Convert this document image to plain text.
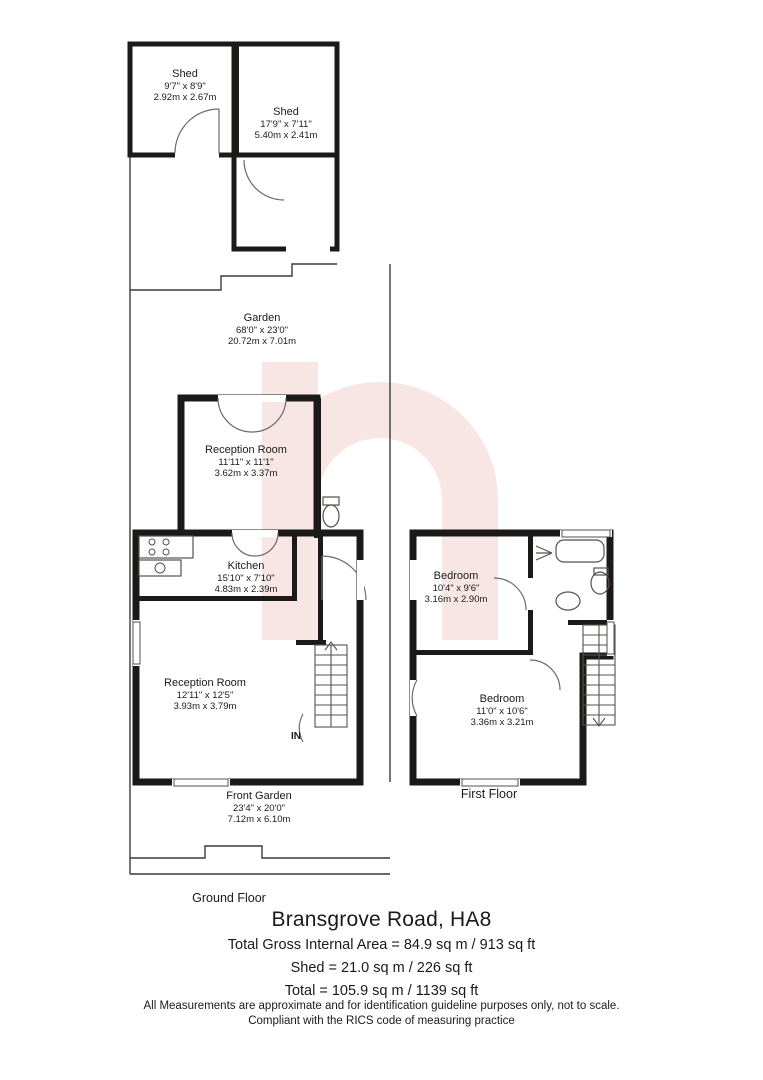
Shed
9'7" x 8'9"
2.92m x 2.67m
Shed
17'9" x 7'11"
5.40m x 2.41m
Garden
68'0" x 23'0"
20.72m x 7.01m
Reception Room
11'11" x 11'1"
3.62m x 3.37m
Kitchen
15'10" x 7'10"
4.83m x 2.39m
Reception Room
12'11" x 12'5"
3.93m x 3.79m
Front Garden
23'4" x 20'0"
7.12m x 6.10m
Bedroom
10'4" x 9'6"
3.16m x 2.90m
Bedroom
11'0" x 10'6"
3.36m x 3.21m
IN
Ground Floor
First Floor
Bransgrove Road, HA8
Total Gross Internal Area = 84.9 sq m / 913 sq ft
Shed = 21.0 sq m / 226 sq ft
Total = 105.9 sq m / 1139 sq ft
All Measurements are approximate and for identification guideline purposes only, not to scale.
Compliant with the RICS code of measuring practice
